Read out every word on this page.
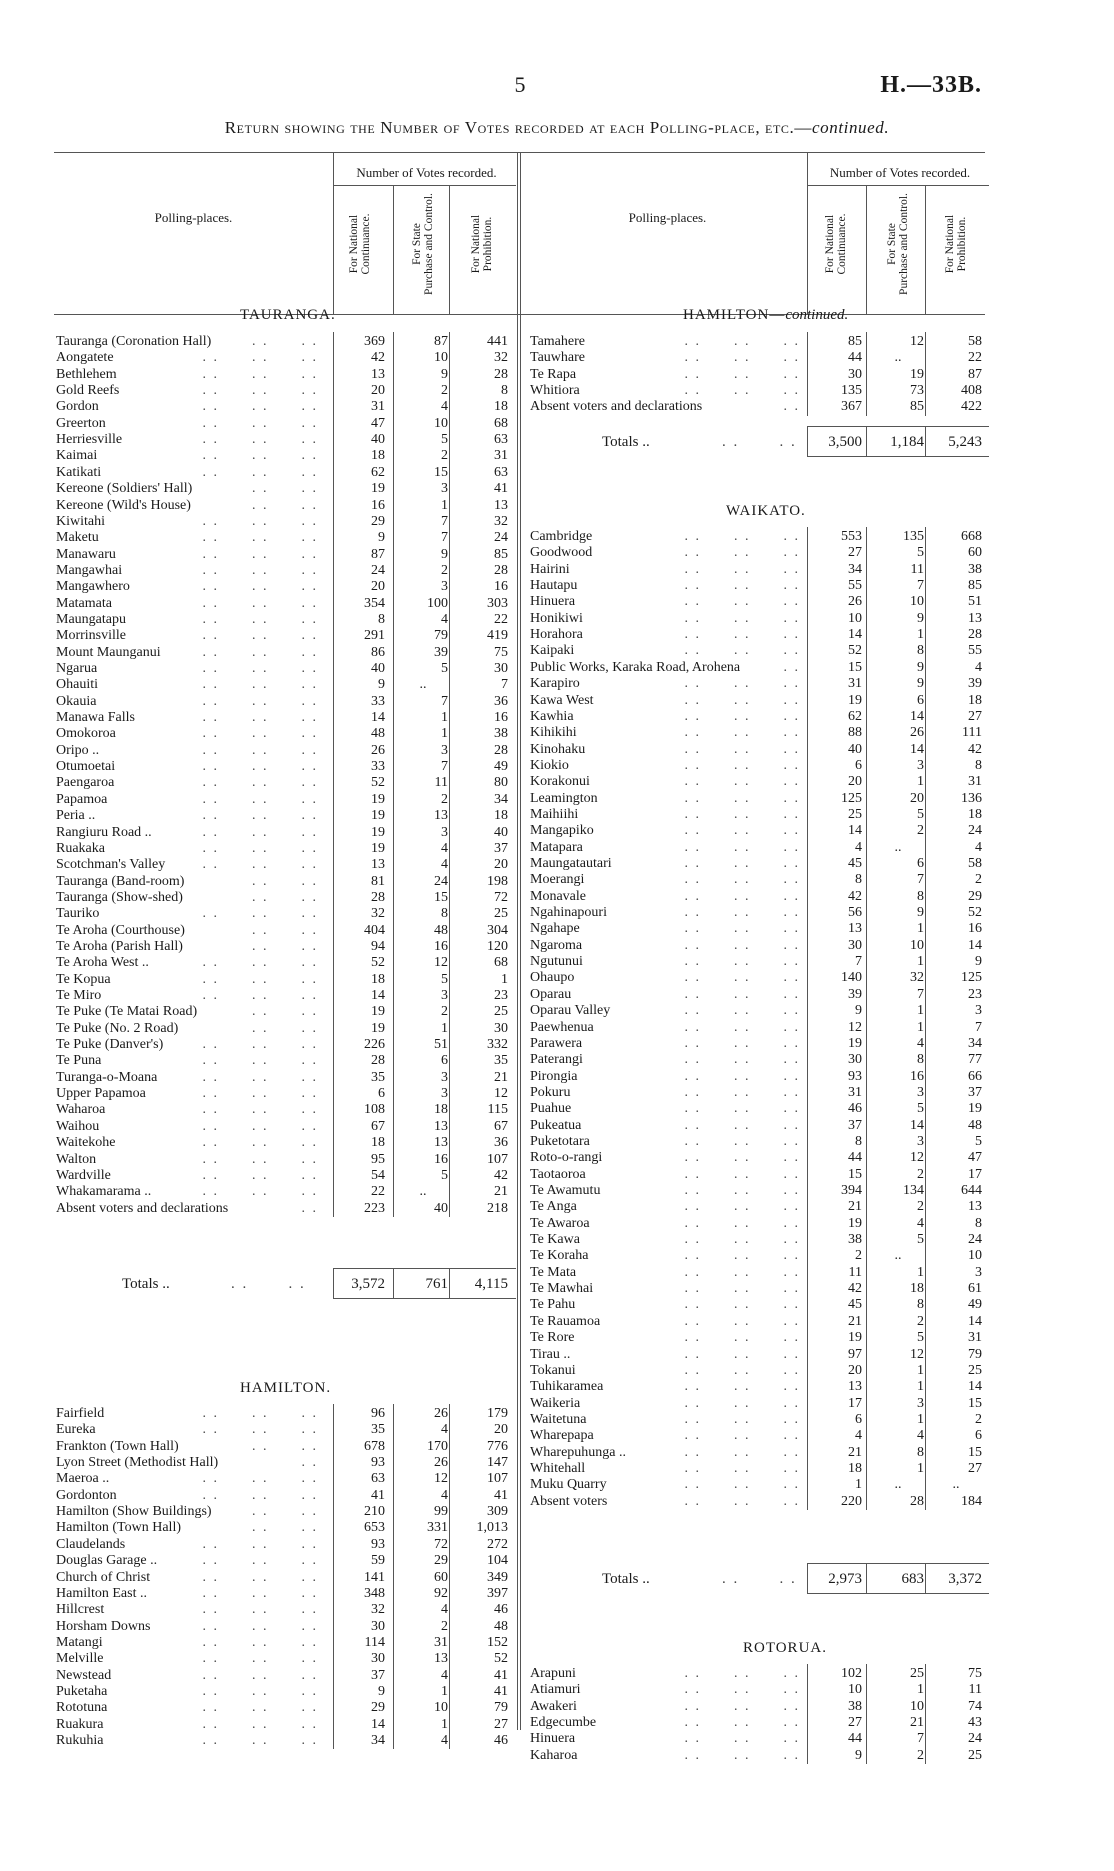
5	H.—33B.
Return showing the Number of Votes recorded at each Polling-place, etc.—continued.
Polling-places.
Number of Votes recorded.
For National
Continuance.	For State
Purchase and Control.	For National
Prohibition.	Polling-places.
Number of Votes recorded.
For National
Continuance.	For State
Purchase and Control.	For National
Prohibition.
TAURANGA.
Tauranga (Coronation Hall)	. .      . .	369	87	441
Aongatete	. .      . .      . .	42	10	32
Bethlehem	. .      . .      . .	13	9	28
Gold Reefs	. .      . .      . .	20	2	8
Gordon	. .      . .      . .	31	4	18
Greerton	. .      . .      . .	47	10	68
Herriesville	. .      . .      . .	40	5	63
Kaimai	. .      . .      . .	18	2	31
Katikati	. .      . .      . .	62	15	63
Kereone (Soldiers' Hall)	. .      . .	19	3	41
Kereone (Wild's House)	. .      . .	16	1	13
Kiwitahi	. .      . .      . .	29	7	32
Maketu	. .      . .      . .	9	7	24
Manawaru	. .      . .      . .	87	9	85
Mangawhai	. .      . .      . .	24	2	28
Mangawhero	. .      . .      . .	20	3	16
Matamata	. .      . .      . .	354	100	303
Maungatapu	. .      . .      . .	8	4	22
Morrinsville	. .      . .      . .	291	79	419
Mount Maunganui	. .      . .      . .	86	39	75
Ngarua	. .      . .      . .	40	5	30
Ohauiti	. .      . .      . .	9	..	7
Okauia	. .      . .      . .	33	7	36
Manawa Falls	. .      . .      . .	14	1	16
Omokoroa	. .      . .      . .	48	1	38
Oripo ..	. .      . .      . .	26	3	28
Otumoetai	. .      . .      . .	33	7	49
Paengaroa	. .      . .      . .	52	11	80
Papamoa	. .      . .      . .	19	2	34
Peria ..	. .      . .      . .	19	13	18
Rangiuru Road ..	. .      . .      . .	19	3	40
Ruakaka	. .      . .      . .	19	4	37
Scotchman's Valley	. .      . .      . .	13	4	20
Tauranga (Band-room)	. .      . .	81	24	198
Tauranga (Show-shed)	. .      . .	28	15	72
Tauriko	. .      . .      . .	32	8	25
Te Aroha (Courthouse)	. .      . .	404	48	304
Te Aroha (Parish Hall)	. .      . .	94	16	120
Te Aroha West ..	. .      . .      . .	52	12	68
Te Kopua	. .      . .      . .	18	5	1
Te Miro	. .      . .      . .	14	3	23
Te Puke (Te Matai Road)	. .      . .	19	2	25
Te Puke (No. 2 Road)	. .      . .	19	1	30
Te Puke (Danver's)	. .      . .      . .	226	51	332
Te Puna	. .      . .      . .	28	6	35
Turanga-o-Moana	. .      . .      . .	35	3	21
Upper Papamoa	. .      . .      . .	6	3	12
Waharoa	. .      . .      . .	108	18	115
Waihou	. .      . .      . .	67	13	67
Waitekohe	. .      . .      . .	18	13	36
Walton	. .      . .      . .	95	16	107
Wardville	. .      . .      . .	54	5	42
Whakamarama ..	. .      . .      . .	22	..	21
Absent voters and declarations	. .	223	40	218
Totals ..	. .       . .	3,572	761	4,115
HAMILTON.
Fairfield	. .      . .      . .	96	26	179
Eureka	. .      . .      . .	35	4	20
Frankton (Town Hall)	. .      . .	678	170	776
Lyon Street (Methodist Hall)	. .	93	26	147
Maeroa ..	. .      . .      . .	63	12	107
Gordonton	. .      . .      . .	41	4	41
Hamilton (Show Buildings)	. .      . .	210	99	309
Hamilton (Town Hall)	. .      . .	653	331	1,013
Claudelands	. .      . .      . .	93	72	272
Douglas Garage ..	. .      . .      . .	59	29	104
Church of Christ	. .      . .      . .	141	60	349
Hamilton East ..	. .      . .      . .	348	92	397
Hillcrest	. .      . .      . .	32	4	46
Horsham Downs	. .      . .      . .	30	2	48
Matangi	. .      . .      . .	114	31	152
Melville	. .      . .      . .	30	13	52
Newstead	. .      . .      . .	37	4	41
Puketaha	. .      . .      . .	9	1	41
Rototuna	. .      . .      . .	29	10	79
Ruakura	. .      . .      . .	14	1	27
Rukuhia	. .      . .      . .	34	4	46
HAMILTON—continued.
Tamahere	. .      . .      . .	85	12	58
Tauwhare	. .      . .      . .	44	..	22
Te Rapa	. .      . .      . .	30	19	87
Whitiora	. .      . .      . .	135	73	408
Absent voters and declarations	. .	367	85	422
Totals ..	. .       . .	3,500	1,184	5,243
WAIKATO.
Cambridge	. .      . .      . .	553	135	668
Goodwood	. .      . .      . .	27	5	60
Hairini	. .      . .      . .	34	11	38
Hautapu	. .      . .      . .	55	7	85
Hinuera	. .      . .      . .	26	10	51
Honikiwi	. .      . .      . .	10	9	13
Horahora	. .      . .      . .	14	1	28
Kaipaki	. .      . .      . .	52	8	55
Public Works, Karaka Road, Arohena	. .	15	9	4
Karapiro	. .      . .      . .	31	9	39
Kawa West	. .      . .      . .	19	6	18
Kawhia	. .      . .      . .	62	14	27
Kihikihi	. .      . .      . .	88	26	111
Kinohaku	. .      . .      . .	40	14	42
Kiokio	. .      . .      . .	6	3	8
Korakonui	. .      . .      . .	20	1	31
Leamington	. .      . .      . .	125	20	136
Maihiihi	. .      . .      . .	25	5	18
Mangapiko	. .      . .      . .	14	2	24
Matapara	. .      . .      . .	4	..	4
Maungatautari	. .      . .      . .	45	6	58
Moerangi	. .      . .      . .	8	7	2
Monavale	. .      . .      . .	42	8	29
Ngahinapouri	. .      . .      . .	56	9	52
Ngahape	. .      . .      . .	13	1	16
Ngaroma	. .      . .      . .	30	10	14
Ngutunui	. .      . .      . .	7	1	9
Ohaupo	. .      . .      . .	140	32	125
Oparau	. .      . .      . .	39	7	23
Oparau Valley	. .      . .      . .	9	1	3
Paewhenua	. .      . .      . .	12	1	7
Parawera	. .      . .      . .	19	4	34
Paterangi	. .      . .      . .	30	8	77
Pirongia	. .      . .      . .	93	16	66
Pokuru	. .      . .      . .	31	3	37
Puahue	. .      . .      . .	46	5	19
Pukeatua	. .      . .      . .	37	14	48
Puketotara	. .      . .      . .	8	3	5
Roto-o-rangi	. .      . .      . .	44	12	47
Taotaoroa	. .      . .      . .	15	2	17
Te Awamutu	. .      . .      . .	394	134	644
Te Anga	. .      . .      . .	21	2	13
Te Awaroa	. .      . .      . .	19	4	8
Te Kawa	. .      . .      . .	38	5	24
Te Koraha	. .      . .      . .	2	..	10
Te Mata	. .      . .      . .	11	1	3
Te Mawhai	. .      . .      . .	42	18	61
Te Pahu	. .      . .      . .	45	8	49
Te Rauamoa	. .      . .      . .	21	2	14
Te Rore	. .      . .      . .	19	5	31
Tirau ..	. .      . .      . .	97	12	79
Tokanui	. .      . .      . .	20	1	25
Tuhikaramea	. .      . .      . .	13	1	14
Waikeria	. .      . .      . .	17	3	15
Waitetuna	. .      . .      . .	6	1	2
Wharepapa	. .      . .      . .	4	4	6
Wharepuhunga ..	. .      . .      . .	21	8	15
Whitehall	. .      . .      . .	18	1	27
Muku Quarry	. .      . .      . .	1	..	..
Absent voters	. .      . .      . .	220	28	184
Totals ..	. .       . .	2,973	683	3,372
ROTORUA.
Arapuni	. .      . .      . .	102	25	75
Atiamuri	. .      . .      . .	10	1	11
Awakeri	. .      . .      . .	38	10	74
Edgecumbe	. .      . .      . .	27	21	43
Hinuera	. .      . .      . .	44	7	24
Kaharoa	. .      . .      . .	9	2	25
